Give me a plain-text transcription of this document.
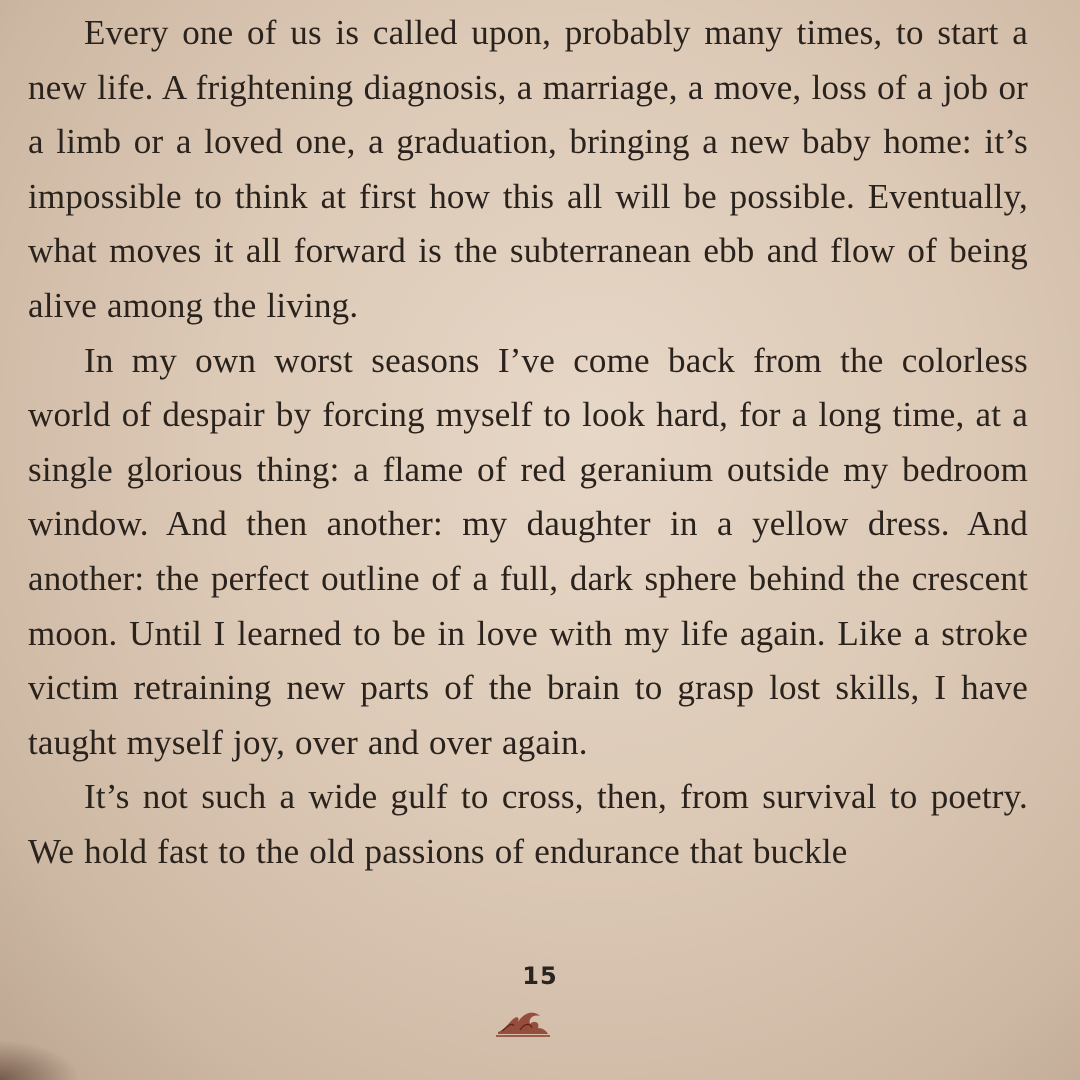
Every one of us is called upon, probably many times, to start a new life. A frightening diagnosis, a marriage, a move, loss of a job or a limb or a loved one, a graduation, bringing a new baby home: it’s impossible to think at first how this all will be possible. Eventually, what moves it all forward is the subterranean ebb and flow of being alive among the living.

In my own worst seasons I’ve come back from the colorless world of despair by forcing myself to look hard, for a long time, at a single glorious thing: a flame of red geranium outside my bedroom window. And then another: my daughter in a yellow dress. And another: the perfect outline of a full, dark sphere behind the crescent moon. Until I learned to be in love with my life again. Like a stroke victim retraining new parts of the brain to grasp lost skills, I have taught myself joy, over and over again.

It’s not such a wide gulf to cross, then, from survival to poetry. We hold fast to the old passions of endurance that buckle

15
